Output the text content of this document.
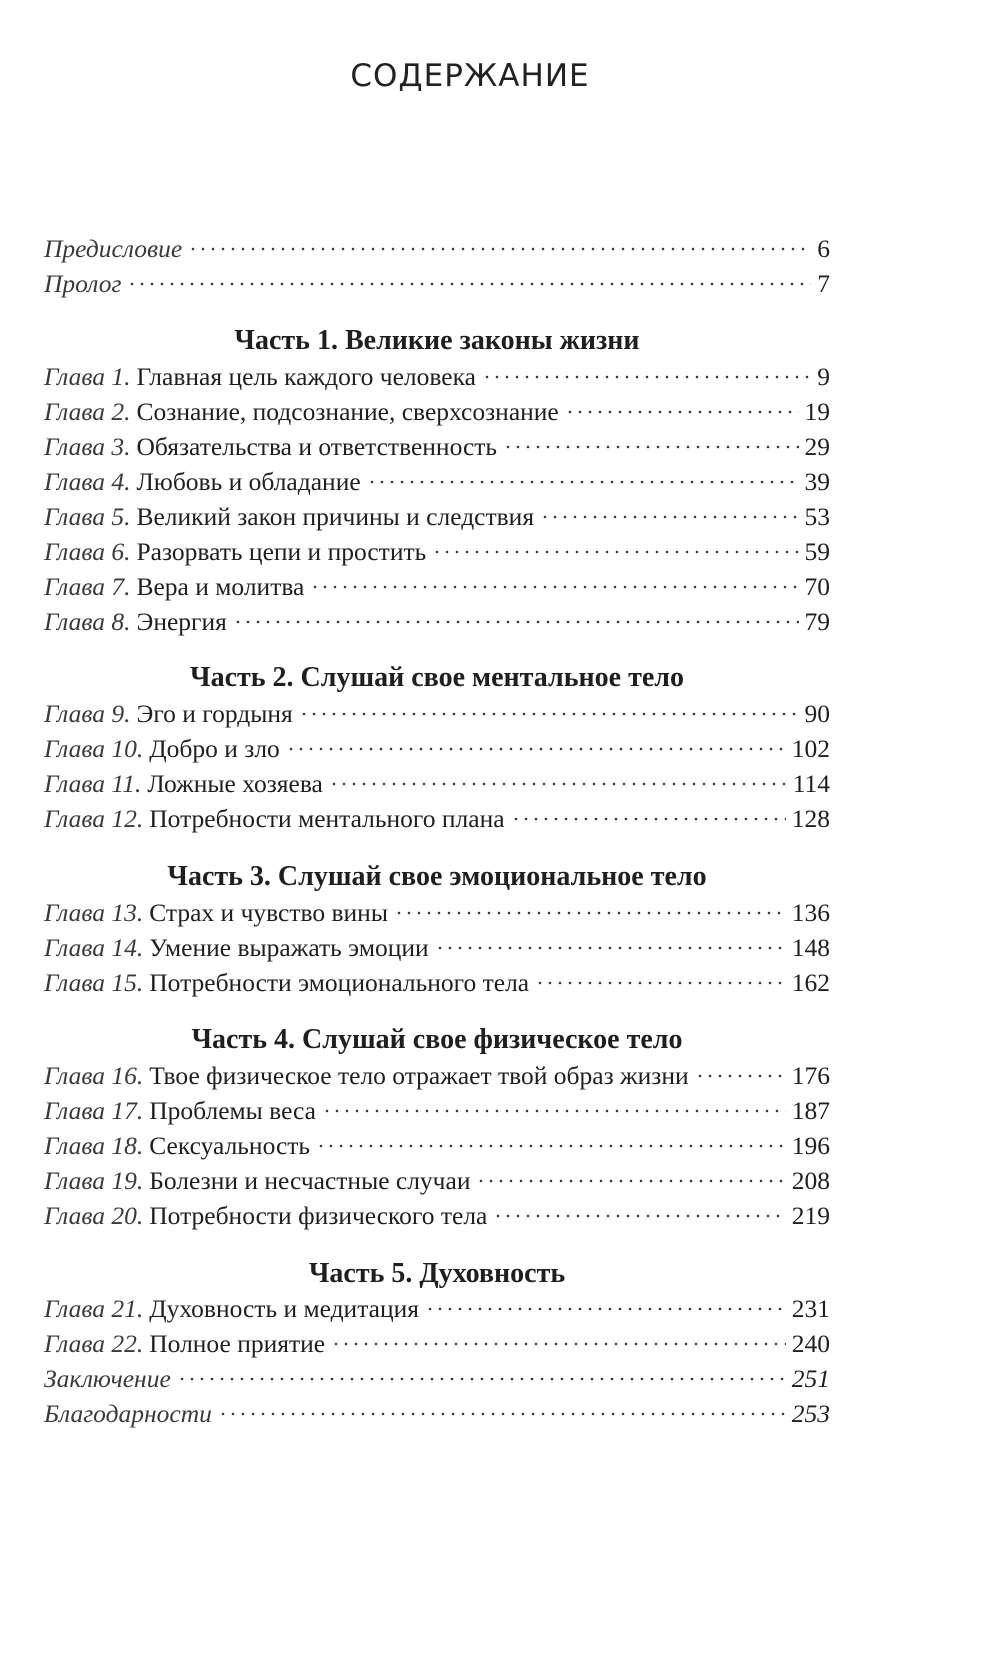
СОДЕРЖАНИЕ
Предисловие	6
Пролог	7
Часть 1. Великие законы жизни
Глава 1. Главная цель каждого человека	9
Глава 2. Сознание, подсознание, сверхсознание	19
Глава 3. Обязательства и ответственность	29
Глава 4. Любовь и обладание	39
Глава 5. Великий закон причины и следствия	53
Глава 6. Разорвать цепи и простить	59
Глава 7. Вера и молитва	70
Глава 8. Энергия	79
Часть 2. Слушай свое ментальное тело
Глава 9. Эго и гордыня	90
Глава 10. Добро и зло	102
Глава 11. Ложные хозяева	114
Глава 12. Потребности ментального плана	128
Часть 3. Слушай свое эмоциональное тело
Глава 13. Страх и чувство вины	136
Глава 14. Умение выражать эмоции	148
Глава 15. Потребности эмоционального тела	162
Часть 4. Слушай свое физическое тело
Глава 16. Твое физическое тело отражает твой образ жизни	176
Глава 17. Проблемы веса	187
Глава 18. Сексуальность	196
Глава 19. Болезни и несчастные случаи	208
Глава 20. Потребности физического тела	219
Часть 5. Духовность
Глава 21. Духовность и медитация	231
Глава 22. Полное приятие	240
Заключение	251
Благодарности	253
